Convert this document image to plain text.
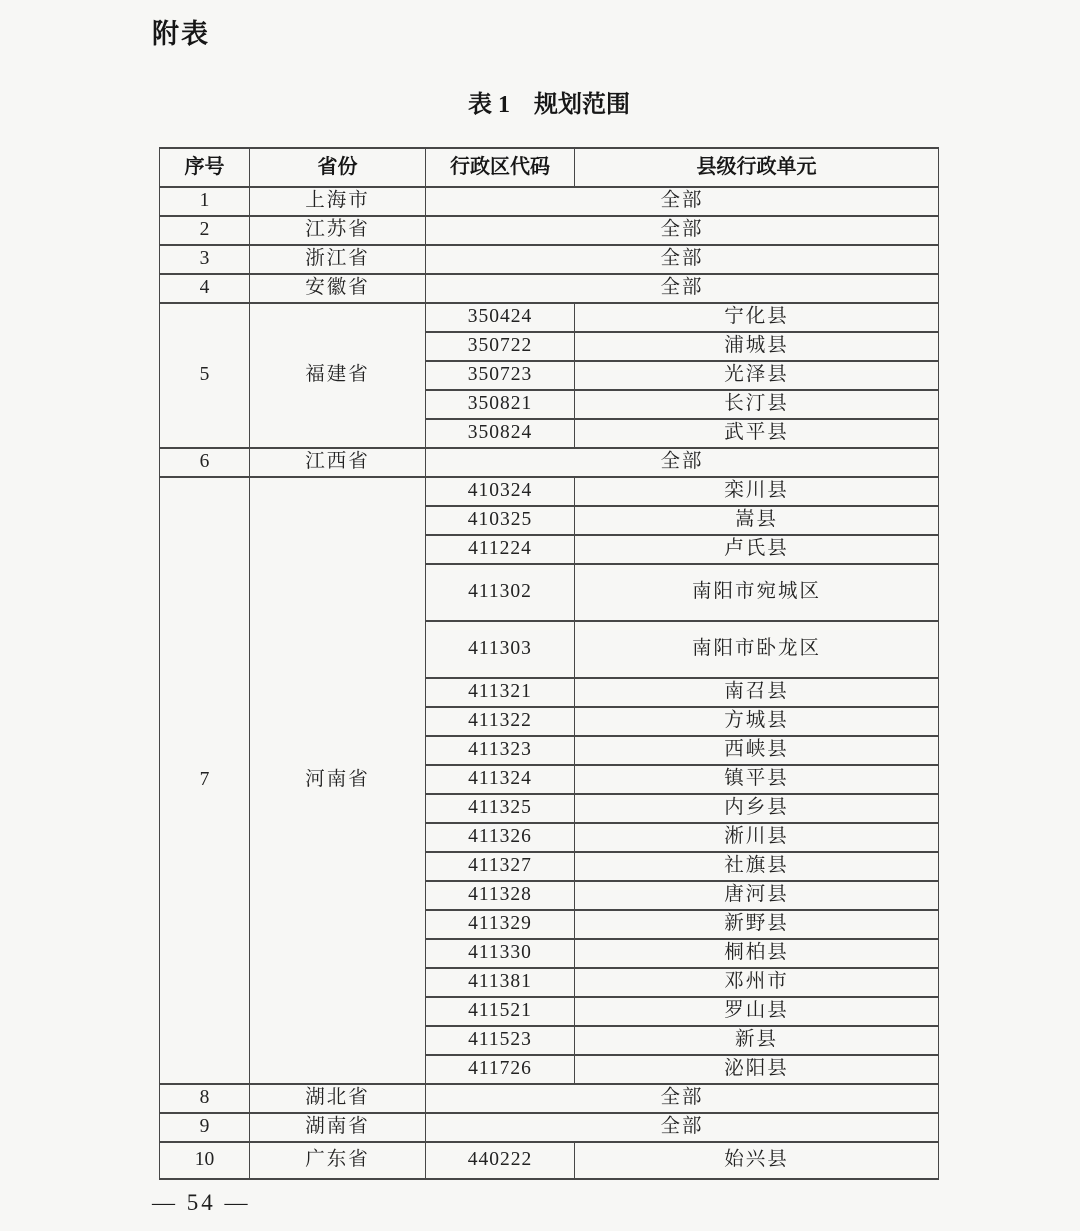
附表
表 1　规划范围
序号	省份	行政区代码	县级行政单元
1	上海市	全部	
2	江苏省	全部	
3	浙江省	全部	
4	安徽省	全部	
5	福建省	350424	宁化县
		350722	浦城县
		350723	光泽县
		350821	长汀县
		350824	武平县
6	江西省	全部	
7	河南省	410324	栾川县
		410325	嵩县
		411224	卢氏县
		411302	南阳市宛城区
		411303	南阳市卧龙区
		411321	南召县
		411322	方城县
		411323	西峡县
		411324	镇平县
		411325	内乡县
		411326	淅川县
		411327	社旗县
		411328	唐河县
		411329	新野县
		411330	桐柏县
		411381	邓州市
		411521	罗山县
		411523	新县
		411726	泌阳县
8	湖北省	全部	
9	湖南省	全部	
10	广东省	440222	始兴县
— 54 —
